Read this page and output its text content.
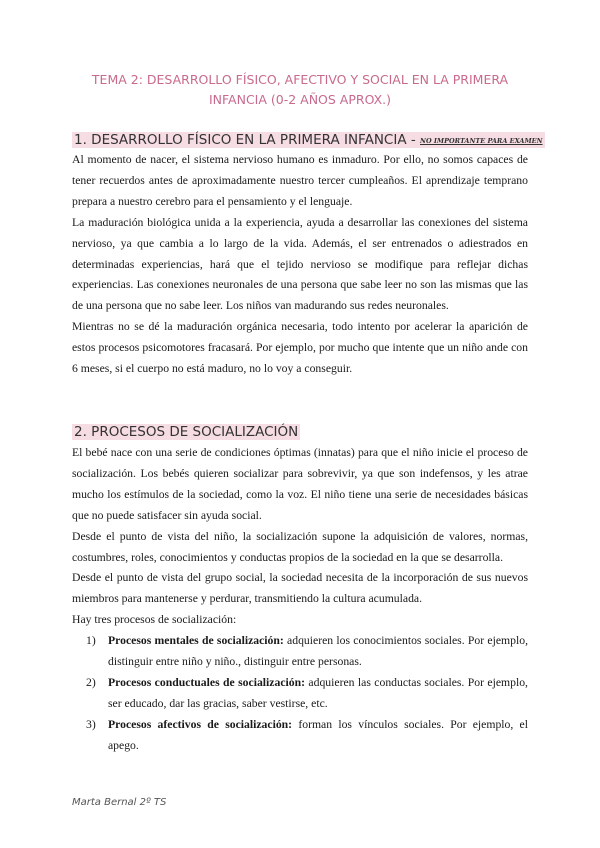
TEMA 2: DESARROLLO FÍSICO, AFECTIVO Y SOCIAL EN LA PRIMERA INFANCIA (0-2 AÑOS APROX.)
1. DESARROLLO FÍSICO EN LA PRIMERA INFANCIA - NO IMPORTANTE PARA EXAMEN

Al momento de nacer, el sistema nervioso humano es inmaduro. Por ello, no somos capaces de tener recuerdos antes de aproximadamente nuestro tercer cumpleaños. El aprendizaje temprano prepara a nuestro cerebro para el pensamiento y el lenguaje.

La maduración biológica unida a la experiencia, ayuda a desarrollar las conexiones del sistema nervioso, ya que cambia a lo largo de la vida. Además, el ser entrenados o adiestrados en determinadas experiencias, hará que el tejido nervioso se modifique para reflejar dichas experiencias. Las conexiones neuronales de una persona que sabe leer no son las mismas que las de una persona que no sabe leer. Los niños van madurando sus redes neuronales.

Mientras no se dé la maduración orgánica necesaria, todo intento por acelerar la aparición de estos procesos psicomotores fracasará. Por ejemplo, por mucho que intente que un niño ande con 6 meses, si el cuerpo no está maduro, no lo voy a conseguir.

2. PROCESOS DE SOCIALIZACIÓN

El bebé nace con una serie de condiciones óptimas (innatas) para que el niño inicie el proceso de socialización. Los bebés quieren socializar para sobrevivir, ya que son indefensos, y les atrae mucho los estímulos de la sociedad, como la voz. El niño tiene una serie de necesidades básicas que no puede satisfacer sin ayuda social.

Desde el punto de vista del niño, la socialización supone la adquisición de valores, normas, costumbres, roles, conocimientos y conductas propios de la sociedad en la que se desarrolla.

Desde el punto de vista del grupo social, la sociedad necesita de la incorporación de sus nuevos miembros para mantenerse y perdurar, transmitiendo la cultura acumulada.

Hay tres procesos de socialización:

1) Procesos mentales de socialización: adquieren los conocimientos sociales. Por ejemplo, distinguir entre niño y niño., distinguir entre personas.
2) Procesos conductuales de socialización: adquieren las conductas sociales. Por ejemplo, ser educado, dar las gracias, saber vestirse, etc.
3) Procesos afectivos de socialización: forman los vínculos sociales. Por ejemplo, el apego.
Marta Bernal 2º TS
